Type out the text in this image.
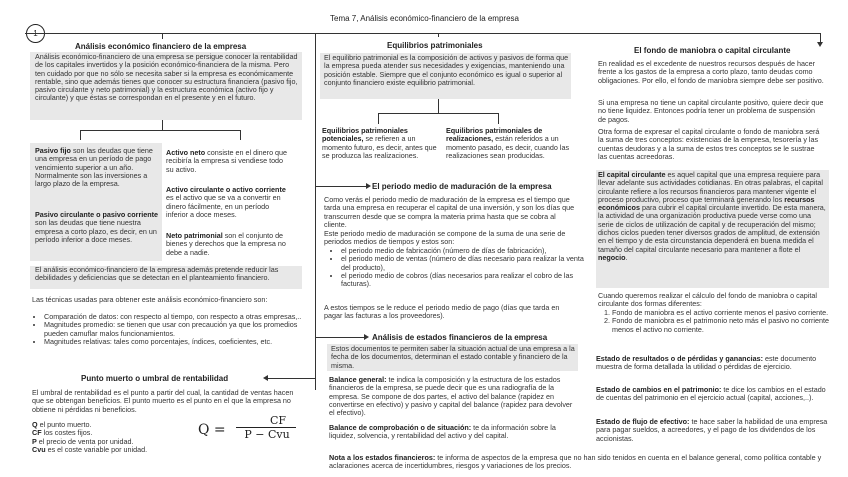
Tema 7, Análisis económico-financiero de la empresa
Análisis económico financiero de la empresa
Análisis económico-financiero de una empresa se persigue conocer la rentabilidad de los capitales invertidos y la posición económico-financiera de la misma. Pero ten cuidado por que no sólo se necesita saber si la empresa es económicamente rentable, sino que además tienes que conocer su estructura financiera (pasivo fijo, pasivo circulante y neto patrimonial) y la estructura económica (activo fijo y circulante) y que éstas se correspondan en el presente y en el futuro.
Pasivo fijo son las deudas que tiene una empresa en un período de pago vencimiento superior a un año. Normalmente son las inversiones a largo plazo de la empresa.
Pasivo circulante o pasivo corriente son las deudas que tiene nuestra empresa a corto plazo, es decir, en un período inferior a doce meses.
Activo neto consiste en el dinero que recibiría la empresa si vendiese todo su activo.
Activo circulante o activo corriente es el activo que se va a convertir en dinero fácilmente, en un período inferior a doce meses.
Neto patrimonial son el conjunto de bienes y derechos que la empresa no debe a nadie.
El análisis económico-financiero de la empresa además pretende reducir las debilidades y deficiencias que se detectan en el planteamiento financiero.
Las técnicas usadas para obtener este análisis económico-financiero son:
• Comparación de datos: con respecto al tiempo, con respecto a otras empresas,..
• Magnitudes promedio: se tienen que usar con precaución ya que los promedios pueden camuflar malos funcionamientos.
• Magnitudes relativas: tales como porcentajes, índices, coeficientes, etc.
Punto muerto o umbral de rentabilidad
El umbral de rentabilidad es el punto a partir del cual, la cantidad de ventas hacen que se obtengan beneficios. El punto muerto es el punto en el que la empresa no obtiene ni pérdidas ni beneficios.
Q el punto muerto.
CF los costes fijos.
P el precio de venta por unidad.
Cvu es el coste variable por unidad.
Q =
CF
P − Cvu
Equilibrios patrimoniales
El equilibrio patrimonial es la composición de activos y pasivos de forma que la empresa pueda atender sus necesidades y exigencias, manteniendo una posición estable. Siempre que el conjunto económico es igual o superior al conjunto financiero existe equilibrio patrimonial.
Equilibrios patrimoniales potenciales, se refieren a un momento futuro, es decir, antes que se produzca las realizaciones.
Equilibrios patrimoniales de realizaciones, están referidos a un momento pasado, es decir, cuando las realizaciones sean producidas.
El periodo medio de maduración de la empresa
Como verás el periodo medio de maduración de la empresa es el tiempo que tarda una empresa en recuperar el capital de una inversión, y son los días que transcurren desde que se compra la materia prima hasta que se cobra al cliente.
Este periodo medio de maduración se compone de la suma de una serie de periodos medios de tiempos y estos son:
• el periodo medio de fabricación (número de días de fabricación),
• el periodo medio de ventas (número de días necesario para realizar la venta del producto),
• el periodo medio de cobros (días necesarios para realizar el cobro de las facturas).
A estos tiempos se le reduce el periodo medio de pago (días que tarda en pagar las facturas a los proveedores).
Análisis de estados financieros de la empresa
Estos documentos te permiten saber la situación actual de una empresa a la fecha de los documentos, determinan el estado contable y financiero de la misma.
Balance general: te indica la composición y la estructura de los estados financieros de la empresa, se puede decir que es una radiografía de la empresa. Se compone de dos partes, el activo del balance (rapidez en convertirse en efectivo) y pasivo y capital del balance (rapidez para devolver el efectivo).
Balance de comprobación o de situación: te da información sobre la liquidez, solvencia, y rentabilidad del activo y del capital.
Nota a los estados financieros: te informa de aspectos de la empresa que no han sido tenidos en cuenta en el balance general, como política contable y aclaraciones acerca de incertidumbres, riesgos y variaciones de los precios.
El fondo de maniobra o capital circulante
En realidad es el excedente de nuestros recursos después de hacer frente a los gastos de la empresa a corto plazo, tanto deudas como obligaciones. Por ello, el fondo de maniobra siempre debe ser positivo.
Si una empresa no tiene un capital circulante positivo, quiere decir que no tiene liquidez. Entonces podría tener un problema de suspensión de pagos.
Otra forma de expresar el capital circulante o fondo de maniobra será la suma de tres conceptos: existencias de la empresa, tesorería y las cuentas deudoras y a la suma de estos tres conceptos se le sustrae las cuentas acreedoras.
El capital circulante es aquel capital que una empresa requiere para llevar adelante sus actividades cotidianas. En otras palabras, el capital circulante refiere a los recursos financieros para mantener vigente el proceso productivo, proceso que terminará generando los recursos económicos para cubrir el capital circulante invertido. De esta manera, la actividad de una organización productiva puede verse como una serie de ciclos de utilización de capital y de recuperación del mismo; dichos ciclos pueden tener diversos grados de amplitud, de extensión en el tiempo y de esta circunstancia dependerá en buena medida el tamaño del capital circulante necesario para mantener a flote el negocio.
Cuando queremos realizar el cálculo del fondo de maniobra o capital circulante dos formas diferentes:
1. Fondo de maniobra es el activo corriente menos el pasivo corriente.
2. Fondo de maniobra es el patrimonio neto más el pasivo no corriente menos el activo no corriente.
Estado de resultados o de pérdidas y ganancias: este documento muestra de forma detallada la utilidad o pérdidas de ejercicio.
Estado de cambios en el patrimonio: te dice los cambios en el estado de cuentas del patrimonio en el ejercicio actual (capital, acciones,..).
Estado de flujo de efectivo: te hace saber la habilidad de una empresa para pagar sueldos, a acreedores, y el pago de los dividendos de los accionistas.
